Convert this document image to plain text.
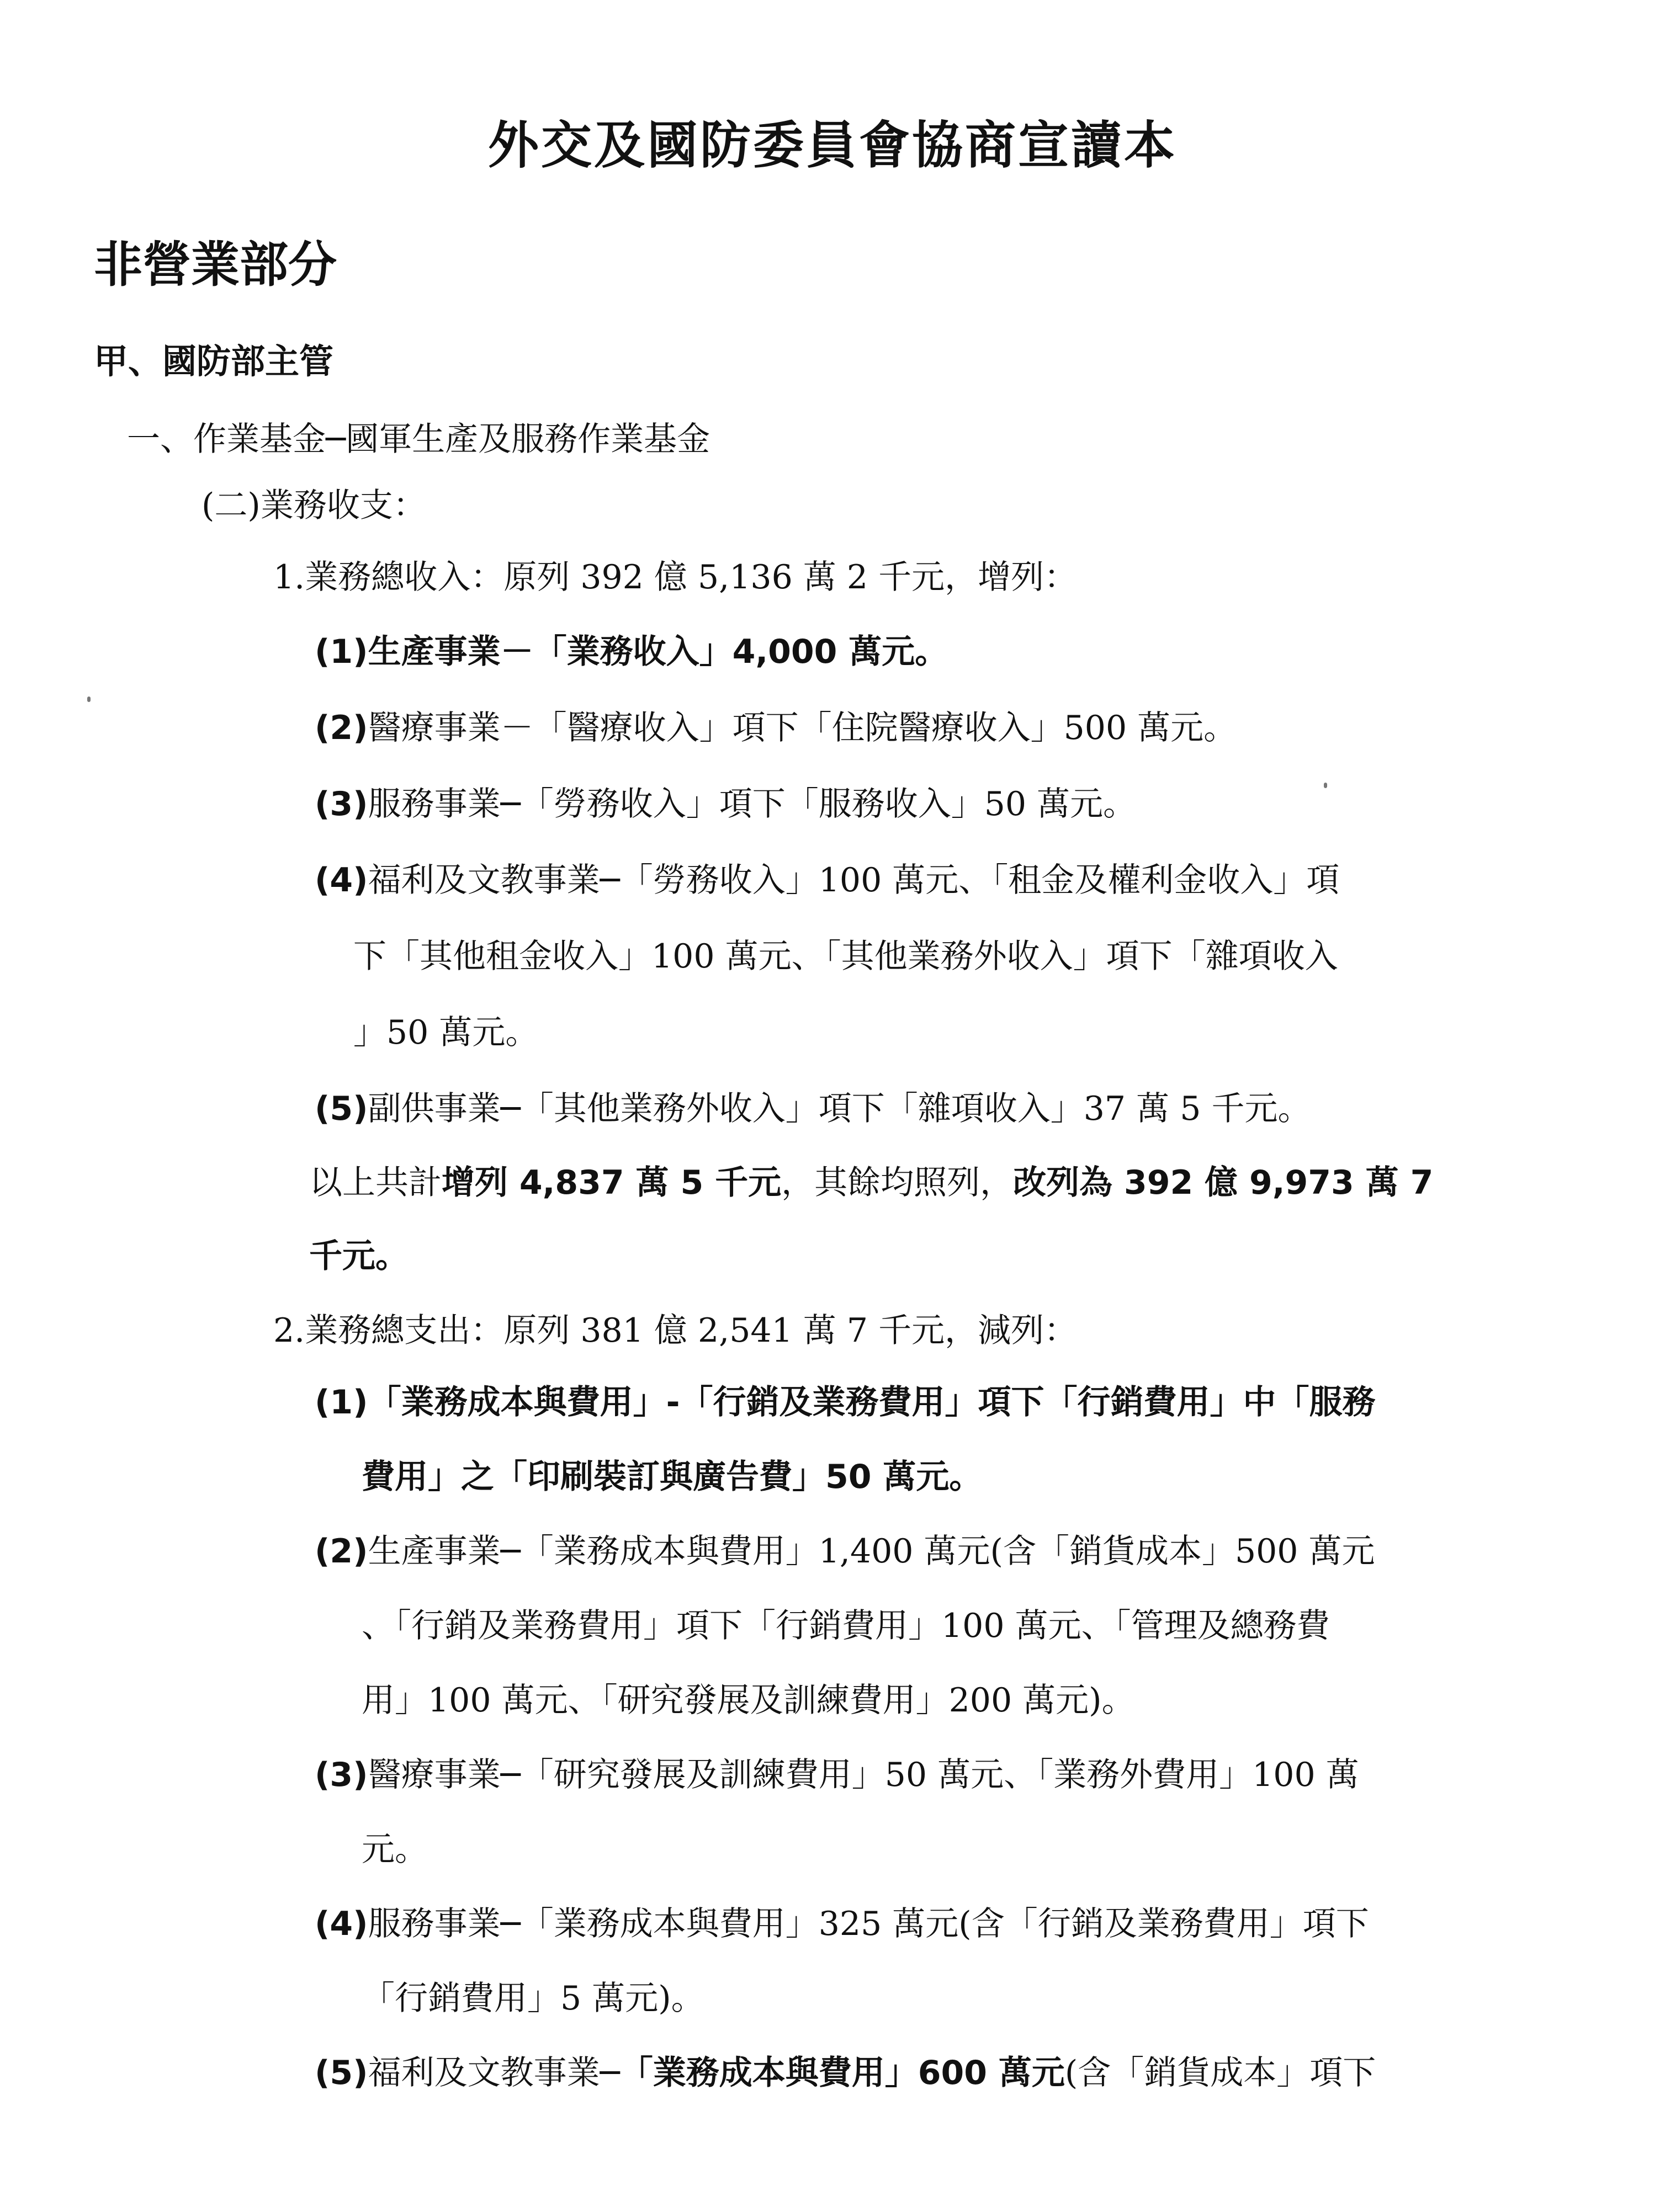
外交及國防委員會協商宣讀本
非營業部分
甲、國防部主管
一、作業基金─國軍生產及服務作業基金
(二)業務收支：
1.業務總收入：原列 392 億 5,136 萬 2 千元，增列：
(1)生產事業－「業務收入」4,000 萬元。
(2)醫療事業－「醫療收入」項下「住院醫療收入」500 萬元。
(3)服務事業─「勞務收入」項下「服務收入」50 萬元。
(4)福利及文教事業─「勞務收入」100 萬元、「租金及權利金收入」項
下「其他租金收入」100 萬元、「其他業務外收入」項下「雜項收入
」50 萬元。
(5)副供事業─「其他業務外收入」項下「雜項收入」37 萬 5 千元。
以上共計增列 4,837 萬 5 千元，其餘均照列，改列為 392 億 9,973 萬 7
千元。
2.業務總支出：原列 381 億 2,541 萬 7 千元，減列：
(1)「業務成本與費用」-「行銷及業務費用」項下「行銷費用」中「服務
費用」之「印刷裝訂與廣告費」50 萬元。
(2)生產事業─「業務成本與費用」1,400 萬元(含「銷貨成本」500 萬元
、「行銷及業務費用」項下「行銷費用」100 萬元、「管理及總務費
用」100 萬元、「研究發展及訓練費用」200 萬元)。
(3)醫療事業─「研究發展及訓練費用」50 萬元、「業務外費用」100 萬
元。
(4)服務事業─「業務成本與費用」325 萬元(含「行銷及業務費用」項下
「行銷費用」5 萬元)。
(5)福利及文教事業─「業務成本與費用」600 萬元(含「銷貨成本」項下
